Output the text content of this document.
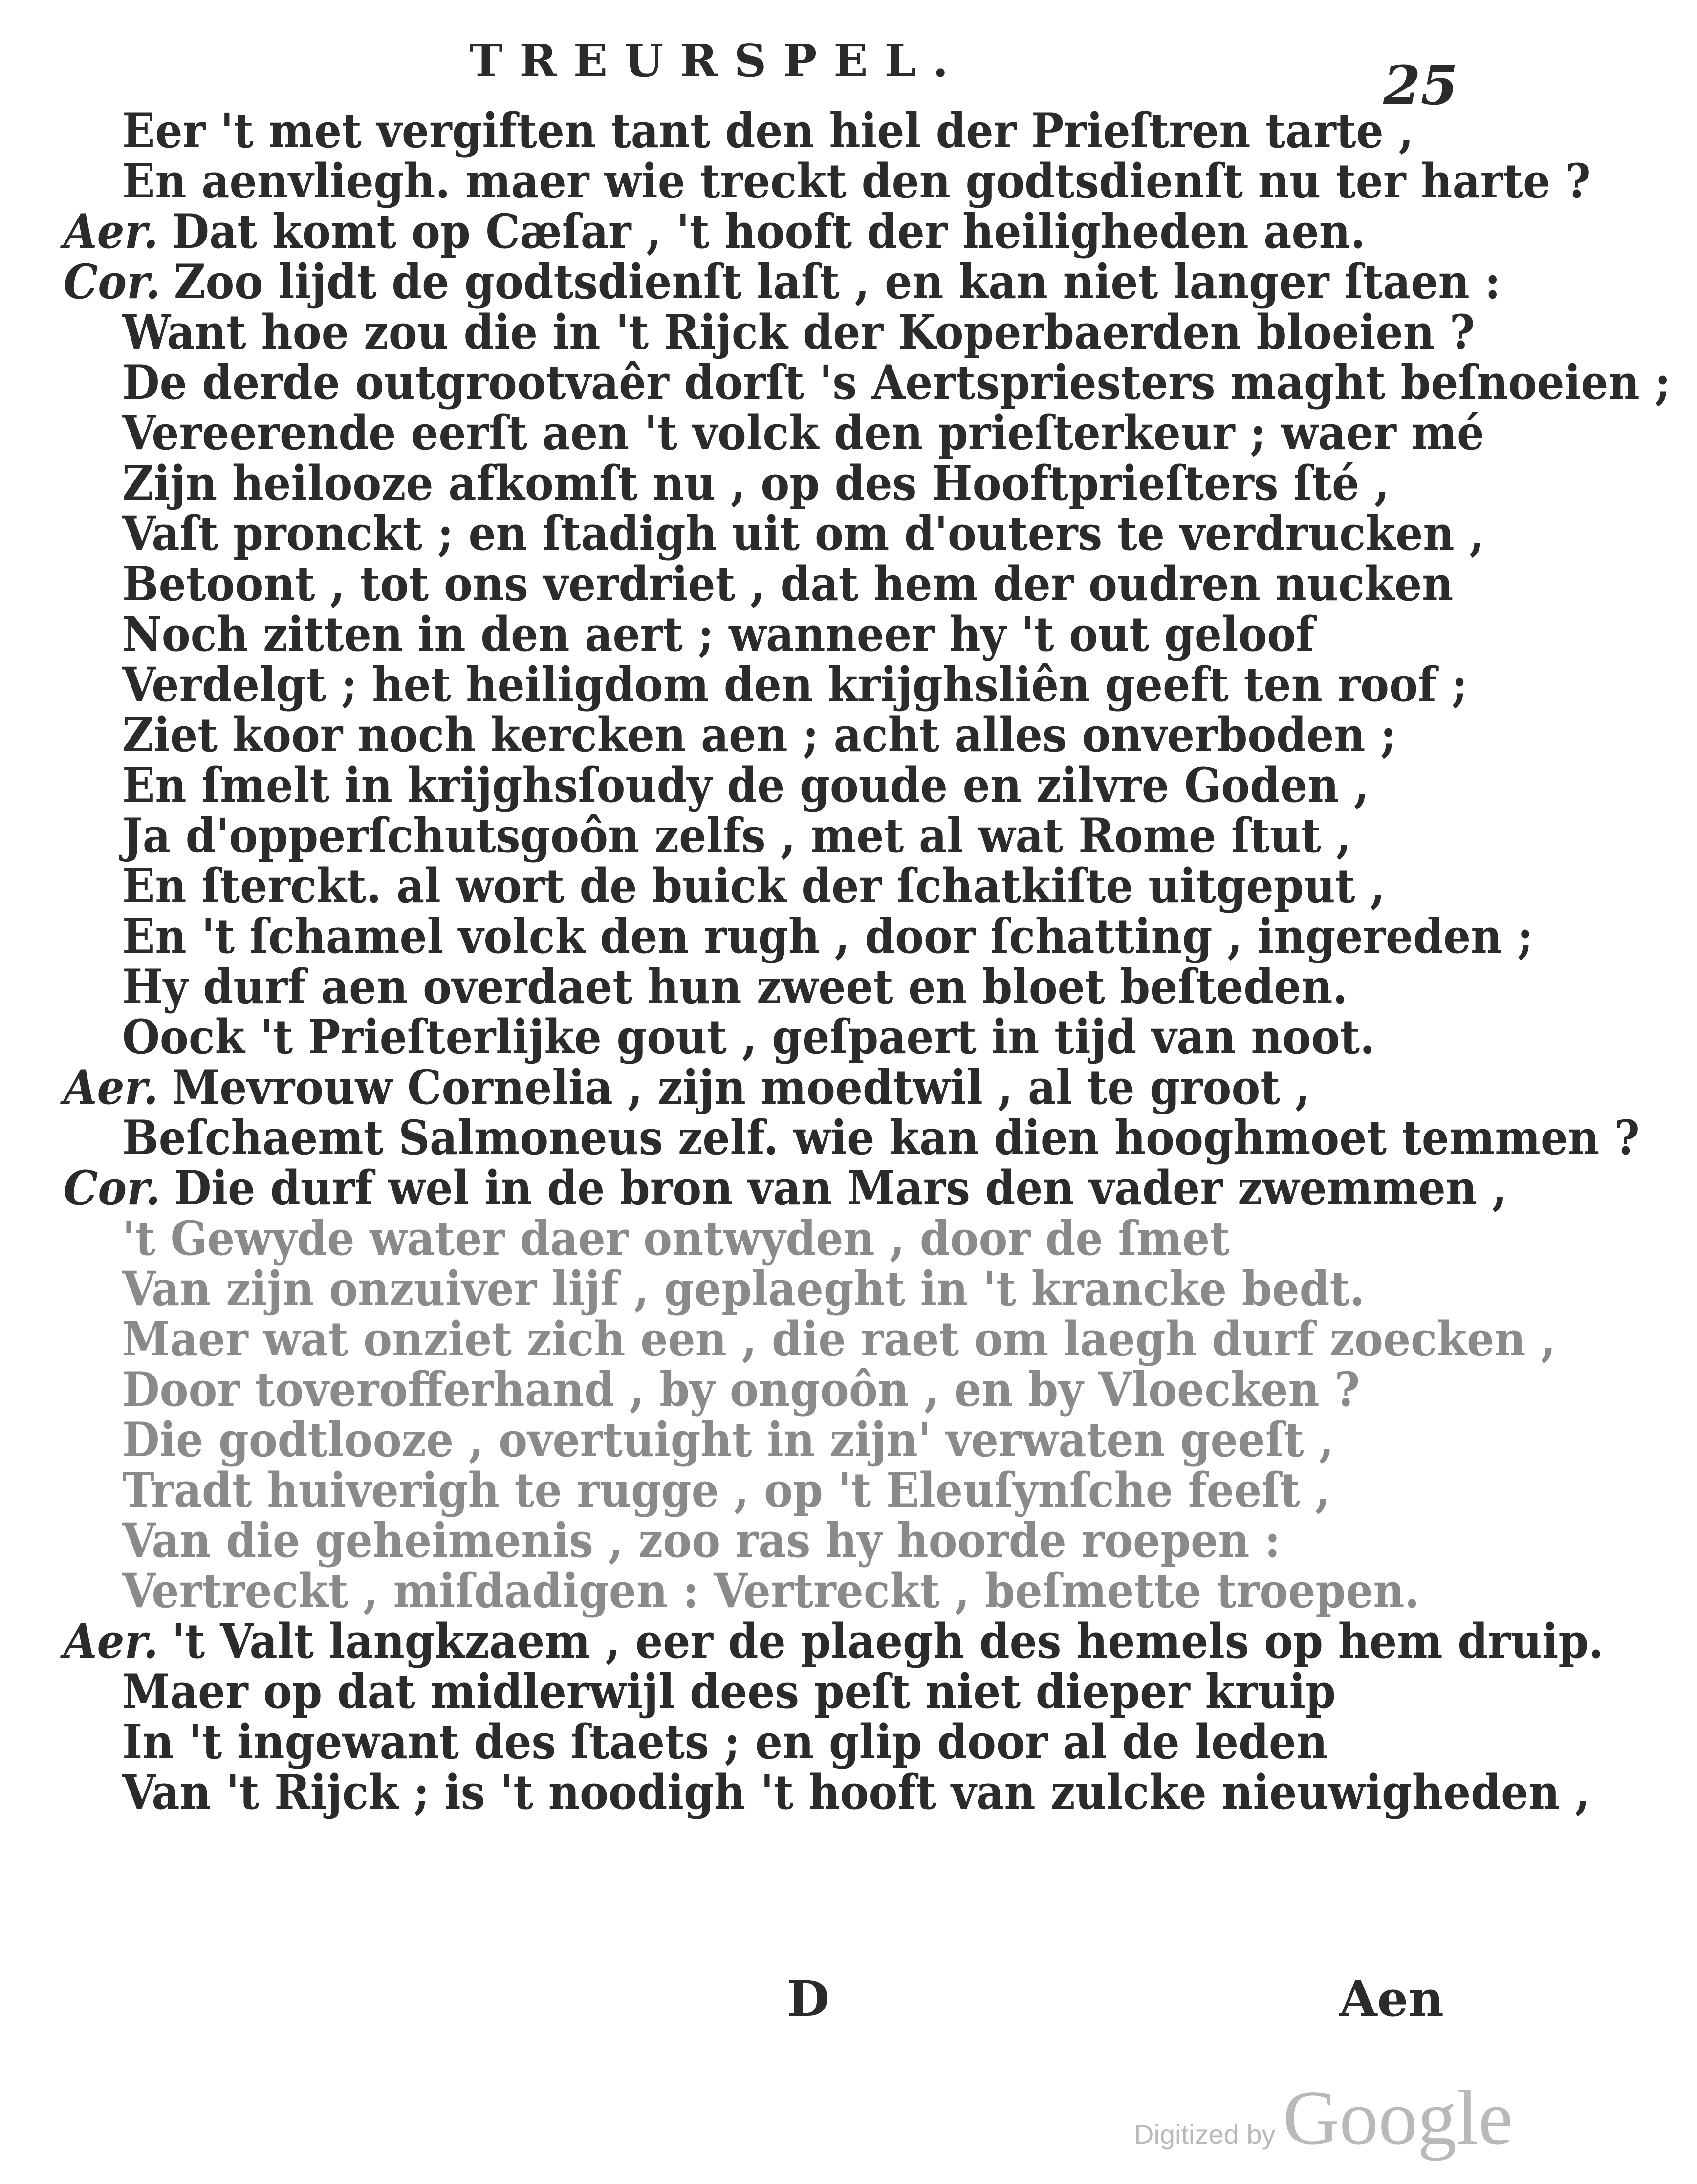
TREURSPEL.	25
Eer 't met vergiften tant den hiel der Prieſtren tarte ,
En aenvliegh. maer wie treckt den godtsdienſt nu ter harte ?
Aer. Dat komt op Cæſar , 't hooft der heiligheden aen.
Cor. Zoo lijdt de godtsdienſt laſt , en kan niet langer ſtaen :
Want hoe zou die in 't Rijck der Koperbaerden bloeien ?
De derde outgrootvaêr dorſt 's Aertspriesters maght beſnoeien ;
Vereerende eerſt aen 't volck den prieſterkeur ; waer mé
Zijn heilooze afkomſt nu , op des Hooftprieſters ſté ,
Vaſt pronckt ; en ſtadigh uit om d'outers te verdrucken ,
Betoont , tot ons verdriet , dat hem der oudren nucken
Noch zitten in den aert ; wanneer hy 't out geloof
Verdelgt ; het heiligdom den krijghsliên geeft ten roof ;
Ziet koor noch kercken aen ; acht alles onverboden ;
En ſmelt in krijghsſoudy de goude en zilvre Goden ,
Ja d'opperſchutsgoôn zelfs , met al wat Rome ſtut ,
En ſterckt. al wort de buick der ſchatkiſte uitgeput ,
En 't ſchamel volck den rugh , door ſchatting , ingereden ;
Hy durf aen overdaet hun zweet en bloet beſteden.
Oock 't Prieſterlijke gout , geſpaert in tijd van noot.
Aer. Mevrouw Cornelia , zijn moedtwil , al te groot ,
Beſchaemt Salmoneus zelf. wie kan dien hooghmoet temmen ?
Cor. Die durf wel in de bron van Mars den vader zwemmen ,
't Gewyde water daer ontwyden , door de ſmet
Van zijn onzuiver lijf , geplaeght in 't krancke bedt.
Maer wat onziet zich een , die raet om laegh durf zoecken ,
Door toverofferhand , by ongoôn , en by Vloecken ?
Die godtlooze , overtuight in zijn' verwaten geeſt ,
Tradt huiverigh te rugge , op 't Eleuſynſche feeſt ,
Van die geheimenis , zoo ras hy hoorde roepen :
Vertreckt , miſdadigen : Vertreckt , beſmette troepen.
Aer. 't Valt langkzaem , eer de plaegh des hemels op hem druip.
Maer op dat midlerwijl dees peſt niet dieper kruip
In 't ingewant des ſtaets ; en glip door al de leden
Van 't Rijck ; is 't noodigh 't hooft van zulcke nieuwigheden ,
D	Aen
Digitized by Google
